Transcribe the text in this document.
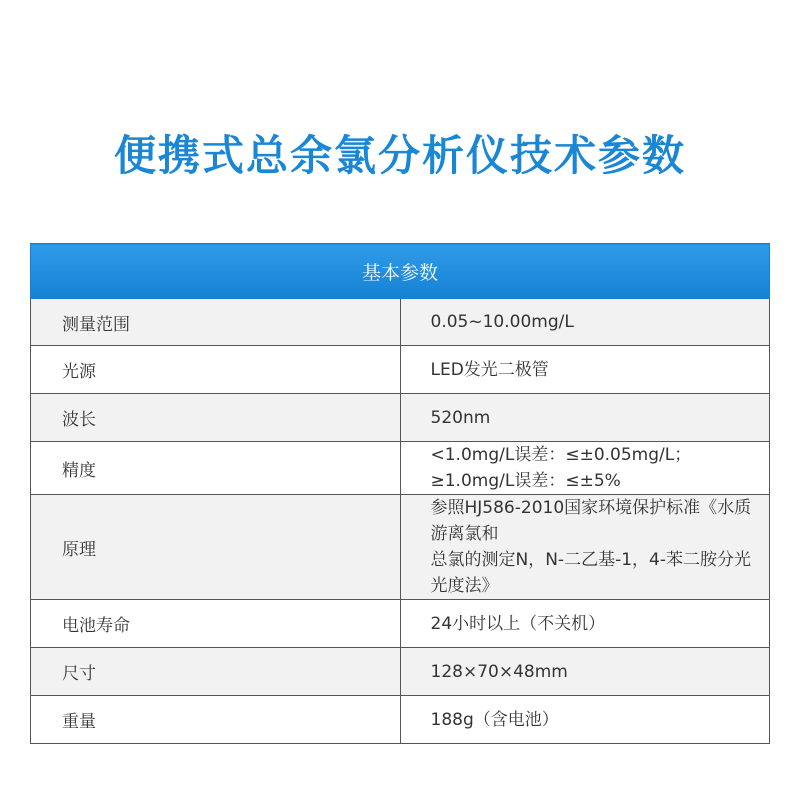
便携式总余氯分析仪技术参数
基本参数	
测量范围	0.05~10.00mg/L
光源	LED发光二极管
波长	520nm
精度	<1.0mg/L误差：≤±0.05mg/L；≥1.0mg/L误差：≤±5%
原理	参照HJ586-2010国家环境保护标准《水质游离氯和
总氯的测定N，N-二乙基-1，4-苯二胺分光光度法》

电池寿命	24小时以上（不关机）
尺寸	128×70×48mm
重量	188g（含电池）
